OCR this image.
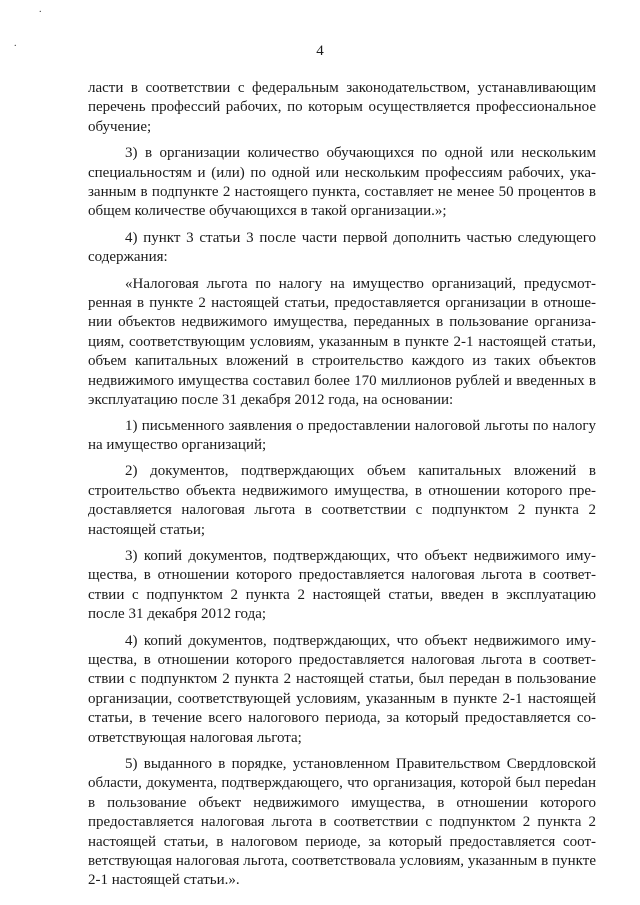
.
.	4

ласти в соответствии с федеральным законодательством, устанавливающим перечень профессий рабочих, по которым осуществляется профессиональное обучение;

3) в организации количество обучающихся по одной или нескольким специальностям и (или) по одной или нескольким профессиям рабочих, указанным в подпункте 2 настоящего пункта, составляет не менее 50 процентов в общем количестве обучающихся в такой организации.»;

4) пункт 3 статьи 3 после части первой дополнить частью следующего содержания:

«Налоговая льгота по налогу на имущество организаций, предусмотренная в пункте 2 настоящей статьи, предоставляется организации в отношении объектов недвижимого имущества, переданных в пользование организациям, соответствующим условиям, указанным в пункте 2-1 настоящей статьи, объем капитальных вложений в строительство каждого из таких объектов недвижимого имущества составил более 170 миллионов рублей и введенных в эксплуатацию после 31 декабря 2012 года, на основании:

1) письменного заявления о предоставлении налоговой льготы по налогу на имущество организаций;

2) документов, подтверждающих объем капитальных вложений в строительство объекта недвижимого имущества, в отношении которого предоставляется налоговая льгота в соответствии с подпунктом 2 пункта 2 настоящей статьи;

3) копий документов, подтверждающих, что объект недвижимого имущества, в отношении которого предоставляется налоговая льгота в соответствии с подпунктом 2 пункта 2 настоящей статьи, введен в эксплуатацию после 31 декабря 2012 года;

4) копий документов, подтверждающих, что объект недвижимого имущества, в отношении которого предоставляется налоговая льгота в соответствии с подпунктом 2 пункта 2 настоящей статьи, был передан в пользование организации, соответствующей условиям, указанным в пункте 2-1 настоящей статьи, в течение всего налогового периода, за который предоставляется соответствующая налоговая льгота;

5) выданного в порядке, установленном Правительством Свердловской области, документа, подтверждающего, что организация, которой был переdан в пользование объект недвижимого имущества, в отношении которого предоставляется налоговая льгота в соответствии с подпунктом 2 пункта 2 настоящей статьи, в налоговом периоде, за который предоставляется соответствующая налоговая льгота, соответствовала условиям, указанным в пункте 2-1 настоящей статьи.».
